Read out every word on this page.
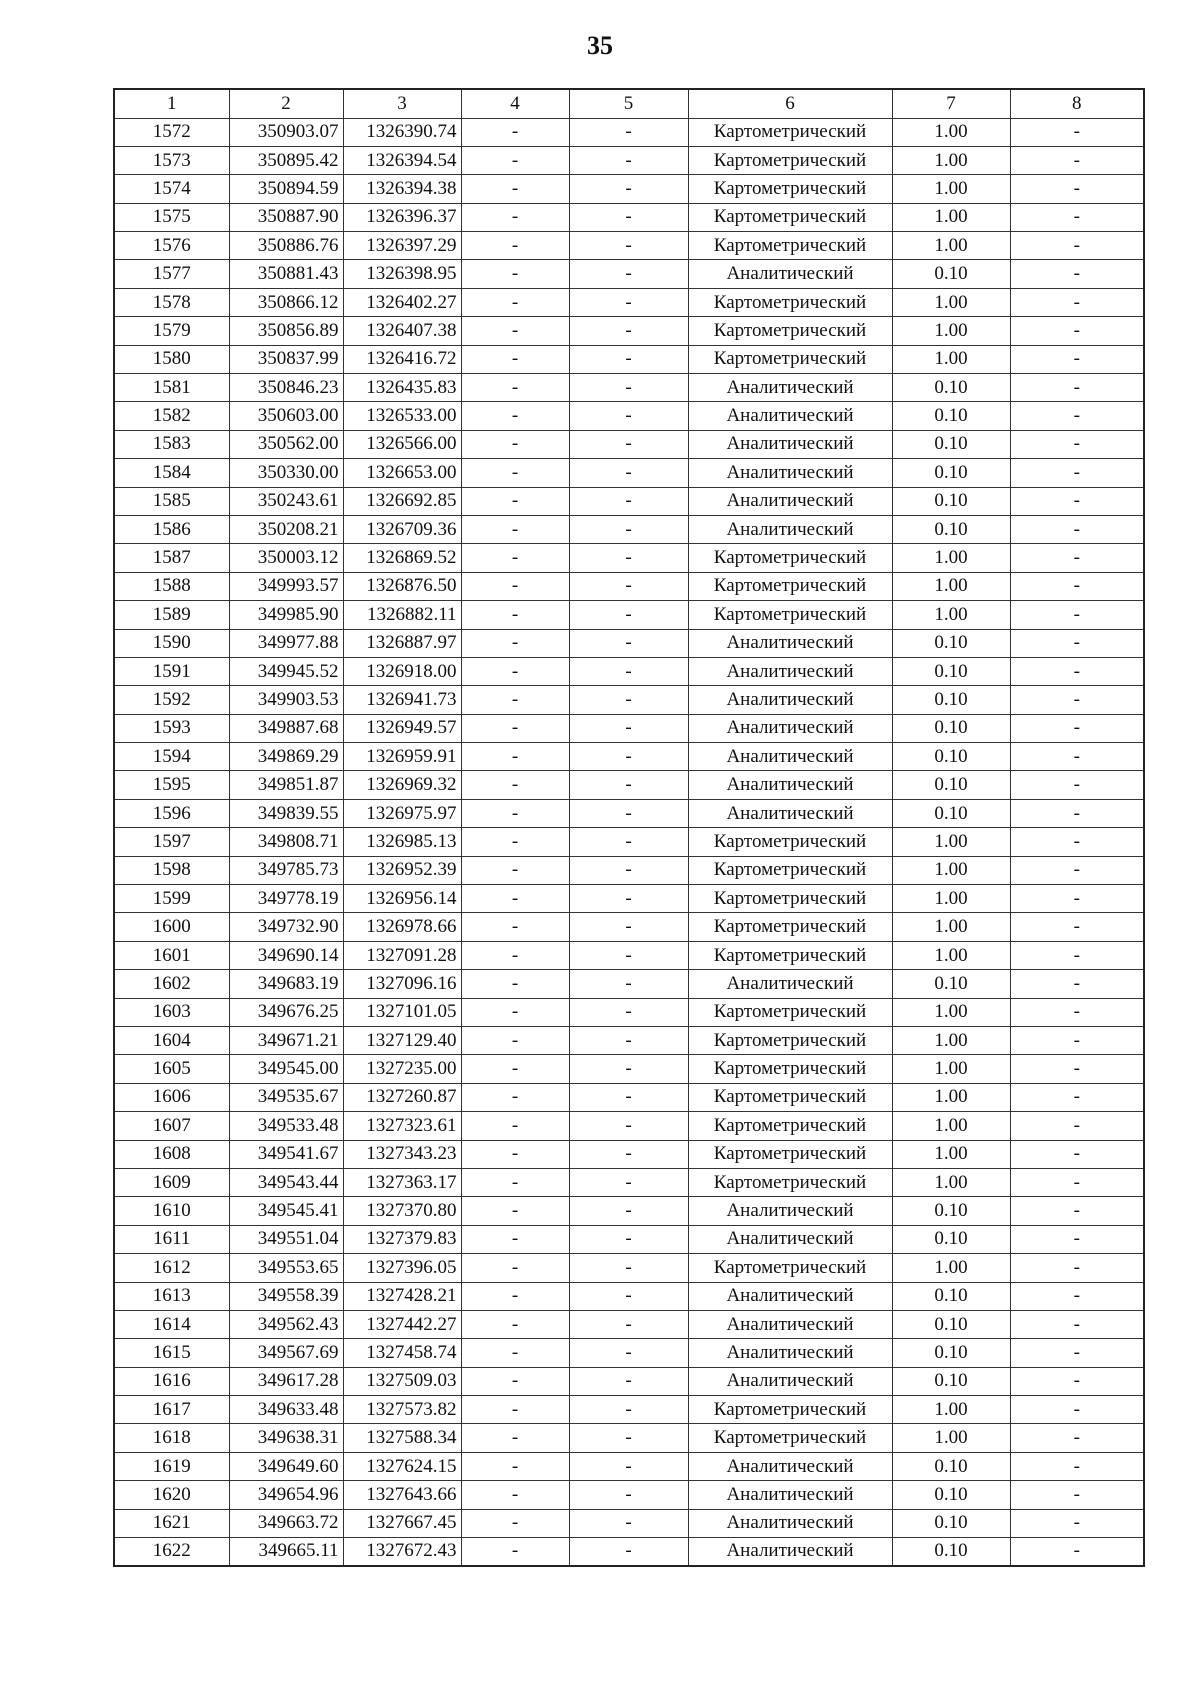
35
1	2	3	4	5	6	7	8
1572	350903.07	1326390.74	-	-	Картометрический	1.00	-
1573	350895.42	1326394.54	-	-	Картометрический	1.00	-
1574	350894.59	1326394.38	-	-	Картометрический	1.00	-
1575	350887.90	1326396.37	-	-	Картометрический	1.00	-
1576	350886.76	1326397.29	-	-	Картометрический	1.00	-
1577	350881.43	1326398.95	-	-	Аналитический	0.10	-
1578	350866.12	1326402.27	-	-	Картометрический	1.00	-
1579	350856.89	1326407.38	-	-	Картометрический	1.00	-
1580	350837.99	1326416.72	-	-	Картометрический	1.00	-
1581	350846.23	1326435.83	-	-	Аналитический	0.10	-
1582	350603.00	1326533.00	-	-	Аналитический	0.10	-
1583	350562.00	1326566.00	-	-	Аналитический	0.10	-
1584	350330.00	1326653.00	-	-	Аналитический	0.10	-
1585	350243.61	1326692.85	-	-	Аналитический	0.10	-
1586	350208.21	1326709.36	-	-	Аналитический	0.10	-
1587	350003.12	1326869.52	-	-	Картометрический	1.00	-
1588	349993.57	1326876.50	-	-	Картометрический	1.00	-
1589	349985.90	1326882.11	-	-	Картометрический	1.00	-
1590	349977.88	1326887.97	-	-	Аналитический	0.10	-
1591	349945.52	1326918.00	-	-	Аналитический	0.10	-
1592	349903.53	1326941.73	-	-	Аналитический	0.10	-
1593	349887.68	1326949.57	-	-	Аналитический	0.10	-
1594	349869.29	1326959.91	-	-	Аналитический	0.10	-
1595	349851.87	1326969.32	-	-	Аналитический	0.10	-
1596	349839.55	1326975.97	-	-	Аналитический	0.10	-
1597	349808.71	1326985.13	-	-	Картометрический	1.00	-
1598	349785.73	1326952.39	-	-	Картометрический	1.00	-
1599	349778.19	1326956.14	-	-	Картометрический	1.00	-
1600	349732.90	1326978.66	-	-	Картометрический	1.00	-
1601	349690.14	1327091.28	-	-	Картометрический	1.00	-
1602	349683.19	1327096.16	-	-	Аналитический	0.10	-
1603	349676.25	1327101.05	-	-	Картометрический	1.00	-
1604	349671.21	1327129.40	-	-	Картометрический	1.00	-
1605	349545.00	1327235.00	-	-	Картометрический	1.00	-
1606	349535.67	1327260.87	-	-	Картометрический	1.00	-
1607	349533.48	1327323.61	-	-	Картометрический	1.00	-
1608	349541.67	1327343.23	-	-	Картометрический	1.00	-
1609	349543.44	1327363.17	-	-	Картометрический	1.00	-
1610	349545.41	1327370.80	-	-	Аналитический	0.10	-
1611	349551.04	1327379.83	-	-	Аналитический	0.10	-
1612	349553.65	1327396.05	-	-	Картометрический	1.00	-
1613	349558.39	1327428.21	-	-	Аналитический	0.10	-
1614	349562.43	1327442.27	-	-	Аналитический	0.10	-
1615	349567.69	1327458.74	-	-	Аналитический	0.10	-
1616	349617.28	1327509.03	-	-	Аналитический	0.10	-
1617	349633.48	1327573.82	-	-	Картометрический	1.00	-
1618	349638.31	1327588.34	-	-	Картометрический	1.00	-
1619	349649.60	1327624.15	-	-	Аналитический	0.10	-
1620	349654.96	1327643.66	-	-	Аналитический	0.10	-
1621	349663.72	1327667.45	-	-	Аналитический	0.10	-
1622	349665.11	1327672.43	-	-	Аналитический	0.10	-
